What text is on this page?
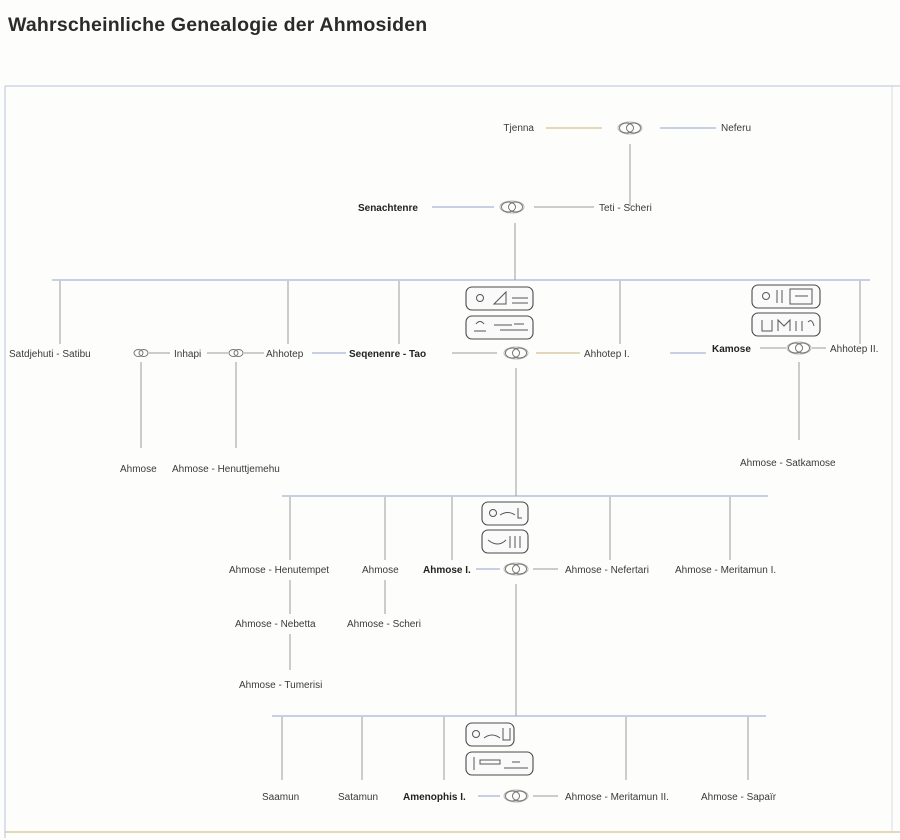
Wahrscheinliche Genealogie der Ahmosiden
Tjenna	Neferu
Senachtenre	Teti - Scheri
Satdjehuti - Satibu	Inhapi	Ahhotep	Seqenenre - Tao	Ahhotep I.	Kamose	Ahhotep II.
Ahmose Ahmose - Henuttjemehu
Ahmose - Satkamose
Ahmose - Henutempet	Ahmose Ahmose I.	Ahmose - Nefertari	Ahmose - Meritamun I.
Ahmose - Nebetta	Ahmose - Scheri
Ahmose - Tumerisi
Saamun	Satamun Amenophis I.	Ahmose - Meritamun II.	Ahmose - Sapaïr
